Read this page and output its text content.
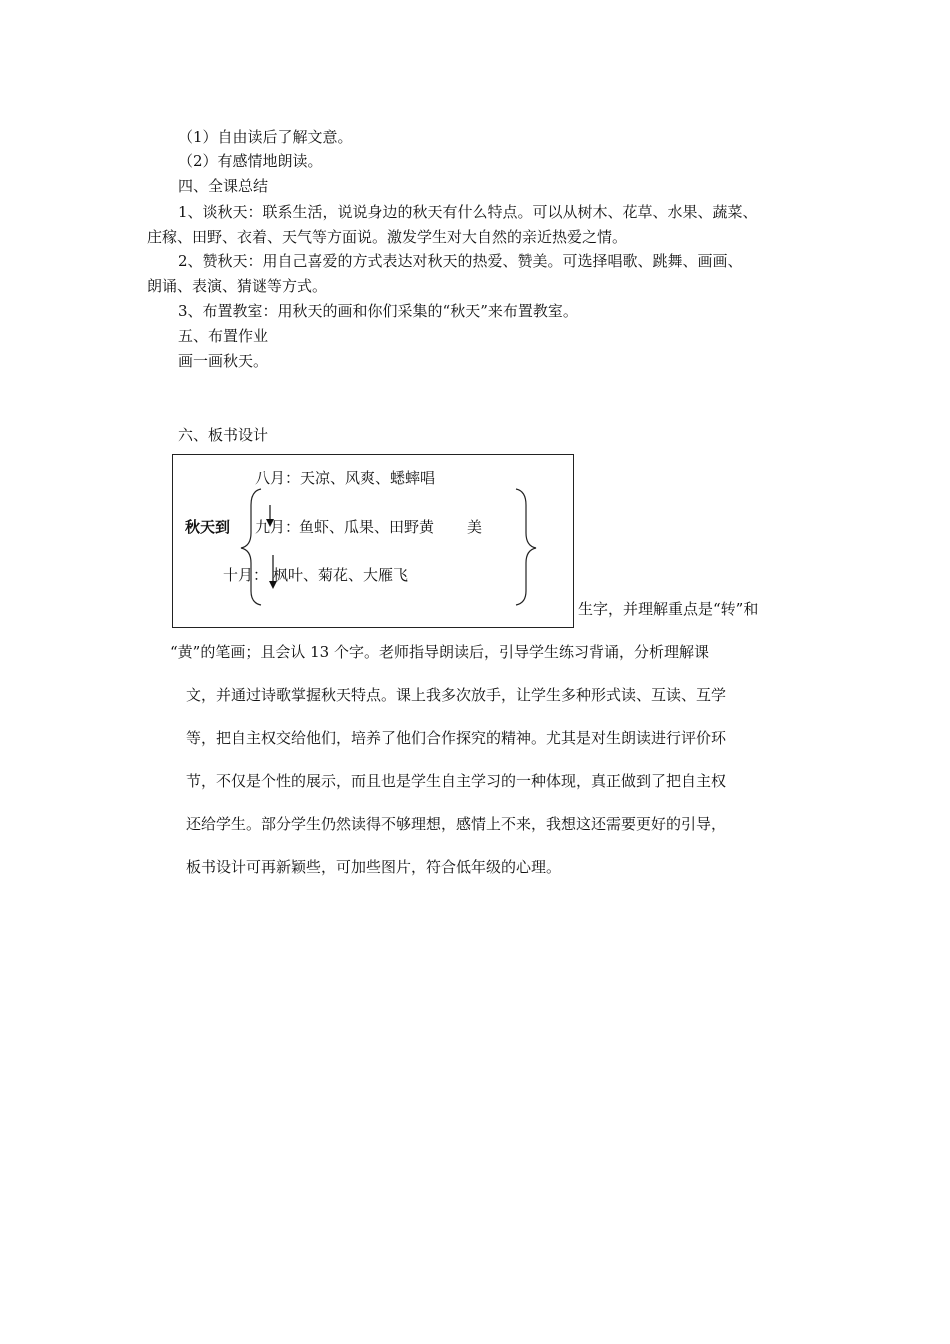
（1）自由读后了解文意。
（2）有感情地朗读。
四、全课总结
1、谈秋天：联系生活，说说身边的秋天有什么特点。可以从树木、花草、水果、蔬菜、
庄稼、田野、衣着、天气等方面说。激发学生对大自然的亲近热爱之情。
2、赞秋天：用自己喜爱的方式表达对秋天的热爱、赞美。可选择唱歌、跳舞、画画、
朗诵、表演、猜谜等方式。
3、布置教室：用秋天的画和你们采集的“秋天”来布置教室。
五、布置作业
画一画秋天。
六、板书设计
八月：天凉、风爽、蟋蟀唱
秋天到 九月：
鱼虾、瓜果、田野黄 美
十月： 枫叶、菊花、大雁飞
生字，并理解重点是“转”和
“黄”的笔画；且会认 13 个字。老师指导朗读后，引导学生练习背诵，分析理解课
文，并通过诗歌掌握秋天特点。课上我多次放手，让学生多种形式读、互读、互学
等，把自主权交给他们，培养了他们合作探究的精神。尤其是对生朗读进行评价环
节，不仅是个性的展示，而且也是学生自主学习的一种体现，真正做到了把自主权
还给学生。部分学生仍然读得不够理想，感情上不来，我想这还需要更好的引导，
板书设计可再新颖些，可加些图片，符合低年级的心理。
